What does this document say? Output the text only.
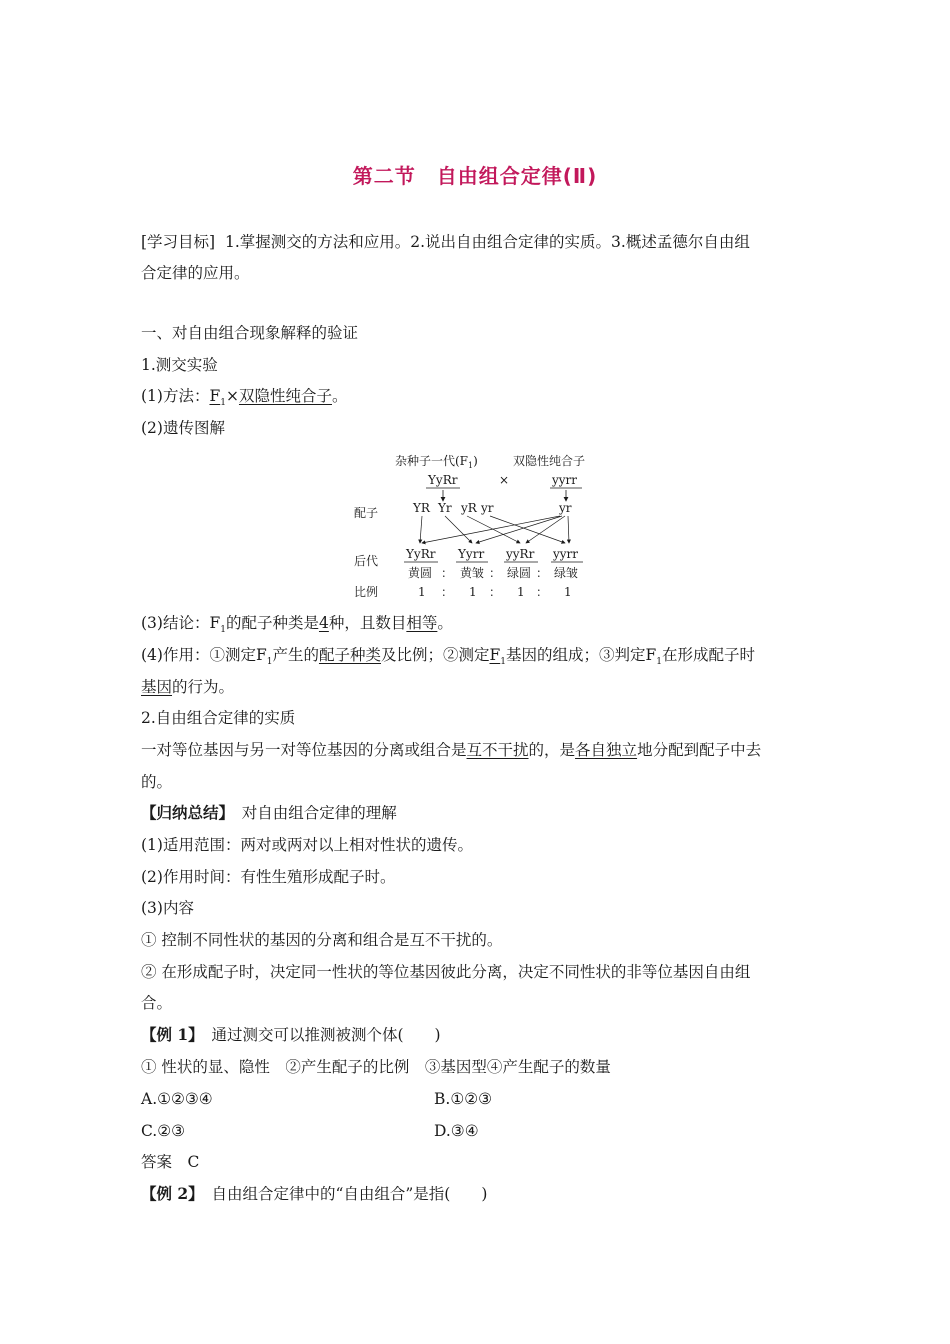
第二节　自由组合定律(Ⅱ)
[学习目标] 1.掌握测交的方法和应用。2.说出自由组合定律的实质。3.概述孟德尔自由组
合定律的应用。
一、对自由组合现象解释的验证
1.测交实验
(1)方法：$F_1\times$双隐性纯合子。
(2)遗传图解
杂种子一代$(F_1)$	双隐性纯合子
YyRr	×	yyrr
配子	YR Yr yR yr	yr
后代 YyRr Yyrr yyRr yyrr
黄圆 ： 黄皱 ： 绿圆 ： 绿皱
比例	1 ： 1 ： 1 ： 1
(3)结论：$F_1$的配子种类是4种，且数目相等。
(4)作用：①测定$F_1$产生的配子种类及比例；②测定$F_1$基因的组成；③判定$F_1$在形成配子时
基因的行为。
2.自由组合定律的实质
一对等位基因与另一对等位基因的分离或组合是互不干扰的，是各自独立地分配到配子中去
的。
【归纳总结】　对自由组合定律的理解
(1)适用范围：两对或两对以上相对性状的遗传。
(2)作用时间：有性生殖形成配子时。
(3)内容
① 控制不同性状的基因的分离和组合是互不干扰的。
② 在形成配子时，决定同一性状的等位基因彼此分离，决定不同性状的非等位基因自由组
合。
【例 1】　通过测交可以推测被测个体(　　)
① 性状的显、隐性　②产生配子的比例　③基因型④产生配子的数量
A.①②③④	B.①②③
C.②③	D.③④
答案　C
【例 2】　自由组合定律中的“自由组合”是指(　　)
